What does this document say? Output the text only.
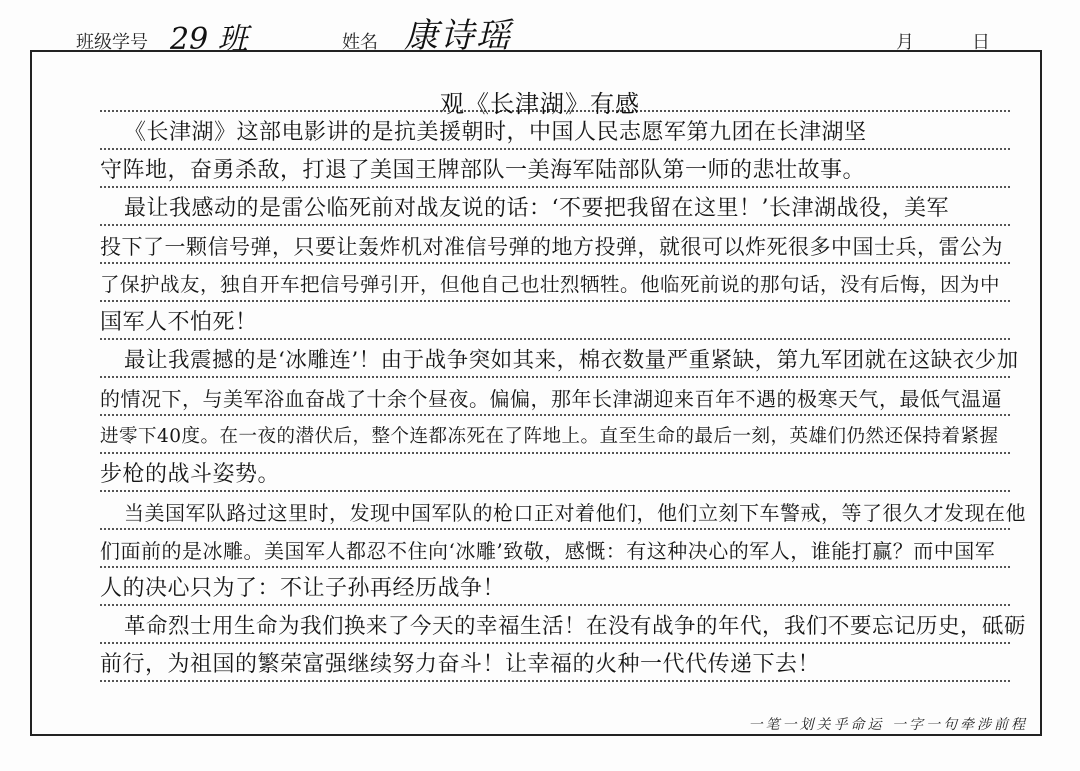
班级学号 29 班	姓名 康诗瑶	月	日
观《长津湖》有感
《长津湖》这部电影讲的是抗美援朝时，中国人民志愿军第九团在长津湖坚
守阵地，奋勇杀敌，打退了美国王牌部队一美海军陆部队第一师的悲壮故事。
最让我感动的是雷公临死前对战友说的话：‘不要把我留在这里！’长津湖战役，美军
投下了一颗信号弹，只要让轰炸机对准信号弹的地方投弹，就很可以炸死很多中国士兵，雷公为
了保护战友，独自开车把信号弹引开，但他自己也壮烈牺牲。他临死前说的那句话，没有后悔，因为中
国军人不怕死！
最让我震撼的是‘冰雕连’！由于战争突如其来，棉衣数量严重紧缺，第九军团就在这缺衣少加
的情况下，与美军浴血奋战了十余个昼夜。偏偏，那年长津湖迎来百年不遇的极寒天气，最低气温逼
进零下40度。在一夜的潜伏后，整个连都冻死在了阵地上。直至生命的最后一刻，英雄们仍然还保持着紧握
步枪的战斗姿势。
当美国军队路过这里时，发现中国军队的枪口正对着他们，他们立刻下车警戒，等了很久才发现在他
们面前的是冰雕。美国军人都忍不住向‘冰雕’致敬，感慨：有这种决心的军人，谁能打赢？而中国军
人的决心只为了：不让子孙再经历战争！
革命烈士用生命为我们换来了今天的幸福生活！在没有战争的年代，我们不要忘记历史，砥砺
前行，为祖国的繁荣富强继续努力奋斗！让幸福的火种一代代传递下去！
一笔一划关乎命运 一字一句牵涉前程
